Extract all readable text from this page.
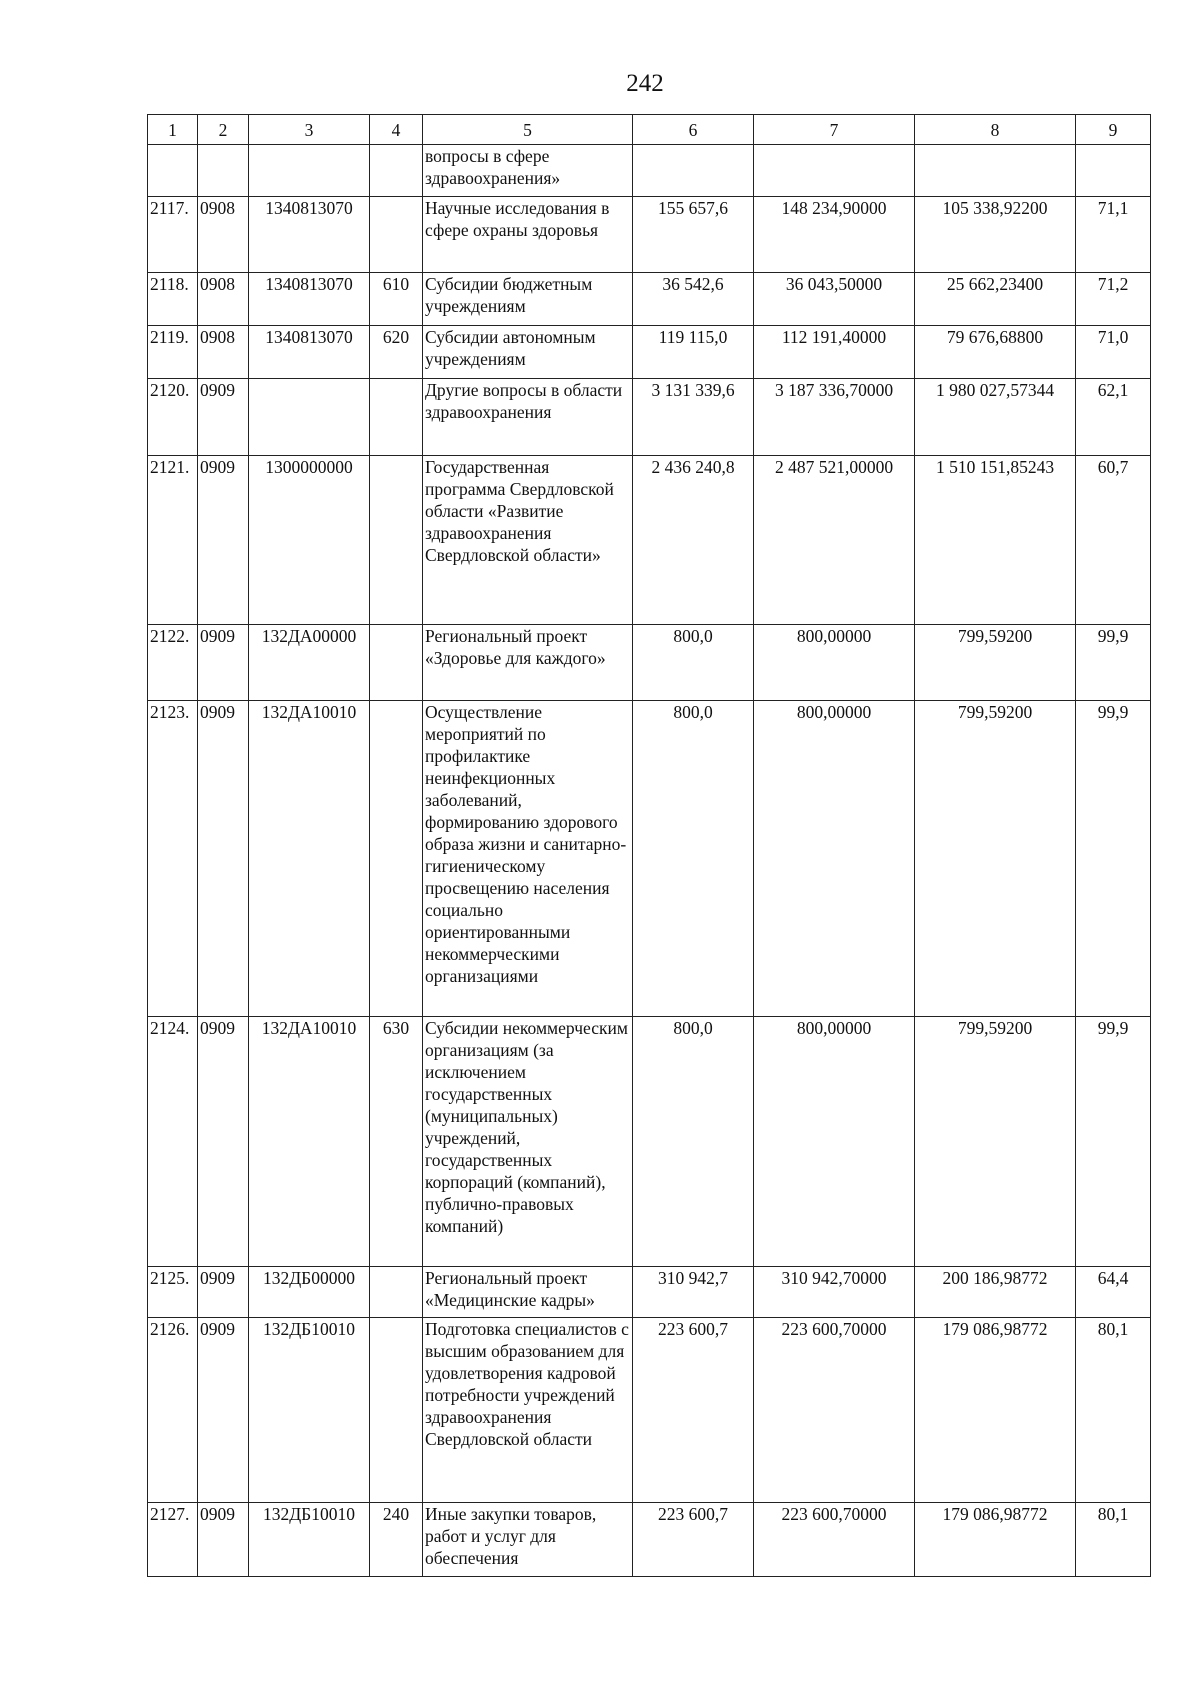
242
1	2	3	4	5	6	7	8	9
				вопросы в сфере здравоохранения»				
2117.	0908	1340813070		Научные исследования в сфере охраны здоровья	155 657,6	148 234,90000	105 338,92200	71,1
2118.	0908	1340813070	610	Субсидии бюджетным учреждениям	36 542,6	36 043,50000	25 662,23400	71,2
2119.	0908	1340813070	620	Субсидии автономным учреждениям	119 115,0	112 191,40000	79 676,68800	71,0
2120.	0909			Другие вопросы в области здравоохранения	3 131 339,6	3 187 336,70000	1 980 027,57344	62,1
2121.	0909	1300000000		Государственная программа Свердловской области «Развитие здравоохранения Свердловской области»	2 436 240,8	2 487 521,00000	1 510 151,85243	60,7
2122.	0909	132ДА00000		Региональный проект «Здоровье для каждого»	800,0	800,00000	799,59200	99,9
2123.	0909	132ДА10010		Осуществление мероприятий по профилактике неинфекционных заболеваний, формированию здорового образа жизни и санитарно-гигиеническому просвещению населения социально ориентированными некоммерческими организациями	800,0	800,00000	799,59200	99,9
2124.	0909	132ДА10010	630	Субсидии некоммерческим организациям (за исключением государственных (муниципальных) учреждений, государственных корпораций (компаний), публично-правовых компаний)	800,0	800,00000	799,59200	99,9
2125.	0909	132ДБ00000		Региональный проект «Медицинские кадры»	310 942,7	310 942,70000	200 186,98772	64,4
2126.	0909	132ДБ10010		Подготовка специалистов с высшим образованием для удовлетворения кадровой потребности учреждений здравоохранения Свердловской области	223 600,7	223 600,70000	179 086,98772	80,1
2127.	0909	132ДБ10010	240	Иные закупки товаров, работ и услуг для обеспечения	223 600,7	223 600,70000	179 086,98772	80,1
